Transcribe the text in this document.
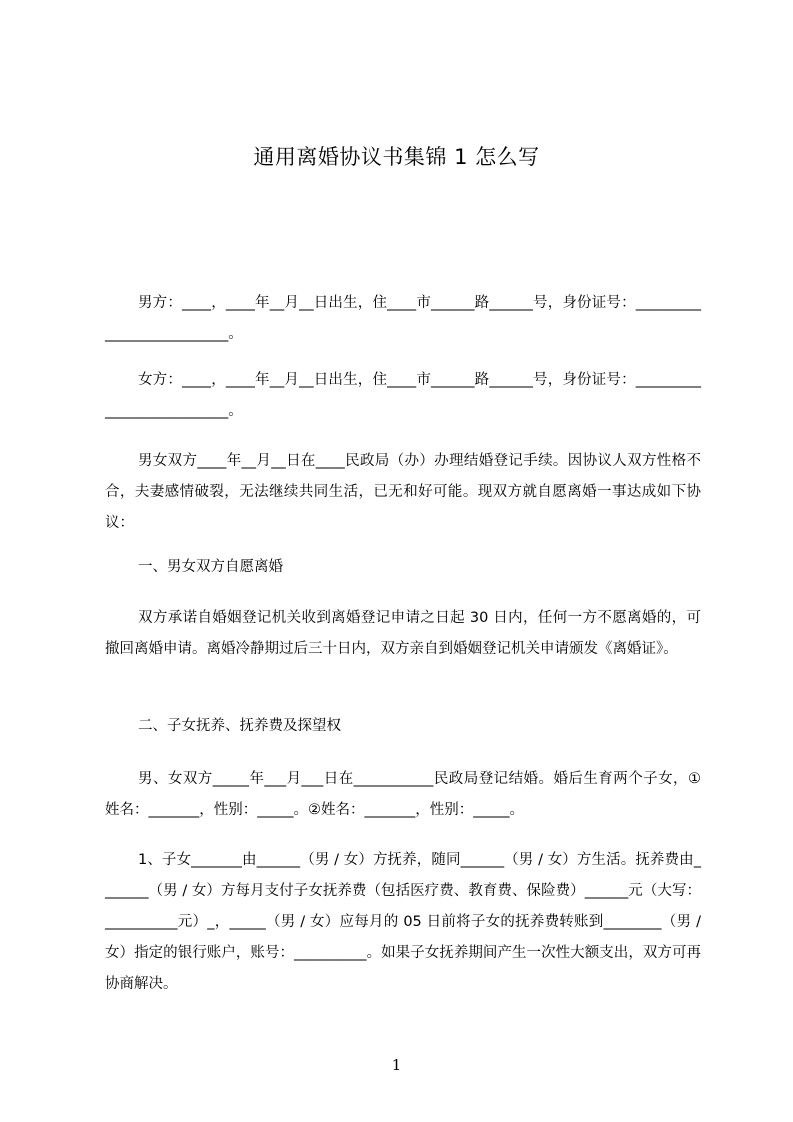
通用离婚协议书集锦 1 怎么写
男方：____，____年__月__日出生，住____市______路______号，身份证号：__________________________。
女方：____，____年__月__日出生，住____市______路______号，身份证号：__________________________。
男女双方____年__月__日在____民政局（办）办理结婚登记手续。因协议人双方性格不合，夫妻感情破裂，无法继续共同生活，已无和好可能。现双方就自愿离婚一事达成如下协议：
一、男女双方自愿离婚
双方承诺自婚姻登记机关收到离婚登记申请之日起 30 日内，任何一方不愿离婚的，可撤回离婚申请。离婚冷静期过后三十日内，双方亲自到婚姻登记机关申请颁发《离婚证》。
二、子女抚养、抚养费及探望权
男、女双方_____年___月___日在___________民政局登记结婚。婚后生育两个子女，①姓名：_______，性别：_____。②姓名：_______，性别：_____。
1、子女_______由______（男 / 女）方抚养，随同______（男 / 女）方生活。抚养费由_______（男 / 女）方每月支付子女抚养费（包括医疗费、教育费、保险费）______元（大写：__________元）_，_____（男 / 女）应每月的 05 日前将子女的抚养费转账到________（男 / 女）指定的银行账户，账号：__________。如果子女抚养期间产生一次性大额支出，双方可再协商解决。
1
